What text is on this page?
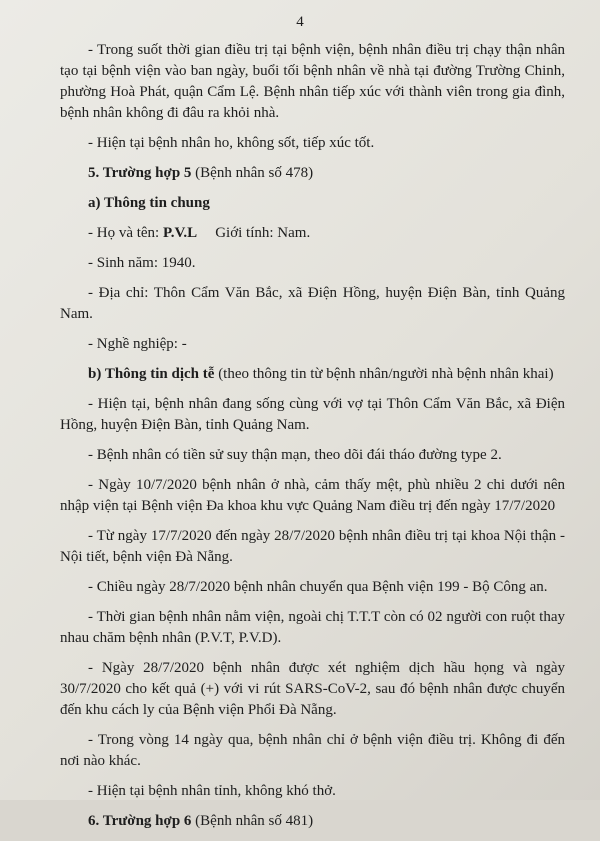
4

- Trong suốt thời gian điều trị tại bệnh viện, bệnh nhân điều trị chạy thận nhân tạo tại bệnh viện vào ban ngày, buổi tối bệnh nhân về nhà tại đường Trường Chinh, phường Hoà Phát, quận Cẩm Lệ. Bệnh nhân tiếp xúc với thành viên trong gia đình, bệnh nhân không đi đâu ra khỏi nhà.

- Hiện tại bệnh nhân ho, không sốt, tiếp xúc tốt.

5. Trường hợp 5 (Bệnh nhân số 478)

a) Thông tin chung

- Họ và tên: P.V.L Giới tính: Nam.

- Sinh năm: 1940.

- Địa chỉ: Thôn Cẩm Văn Bắc, xã Điện Hồng, huyện Điện Bàn, tỉnh Quảng Nam.

- Nghề nghiệp: -

b) Thông tin dịch tễ (theo thông tin từ bệnh nhân/người nhà bệnh nhân khai)

- Hiện tại, bệnh nhân đang sống cùng với vợ tại Thôn Cẩm Văn Bắc, xã Điện Hồng, huyện Điện Bàn, tỉnh Quảng Nam.

- Bệnh nhân có tiền sử suy thận mạn, theo dõi đái tháo đường type 2.

- Ngày 10/7/2020 bệnh nhân ở nhà, cảm thấy mệt, phù nhiều 2 chi dưới nên nhập viện tại Bệnh viện Đa khoa khu vực Quảng Nam điều trị đến ngày 17/7/2020

- Từ ngày 17/7/2020 đến ngày 28/7/2020 bệnh nhân điều trị tại khoa Nội thận - Nội tiết, bệnh viện Đà Nẵng.

- Chiều ngày 28/7/2020 bệnh nhân chuyển qua Bệnh viện 199 - Bộ Công an.

- Thời gian bệnh nhân nằm viện, ngoài chị T.T.T còn có 02 người con ruột thay nhau chăm bệnh nhân (P.V.T, P.V.D).

- Ngày 28/7/2020 bệnh nhân được xét nghiệm dịch hầu họng và ngày 30/7/2020 cho kết quả (+) với vi rút SARS-CoV-2, sau đó bệnh nhân được chuyển đến khu cách ly của Bệnh viện Phổi Đà Nẵng.

- Trong vòng 14 ngày qua, bệnh nhân chỉ ở bệnh viện điều trị. Không đi đến nơi nào khác.

- Hiện tại bệnh nhân tỉnh, không khó thở.

6. Trường hợp 6 (Bệnh nhân số 481)
